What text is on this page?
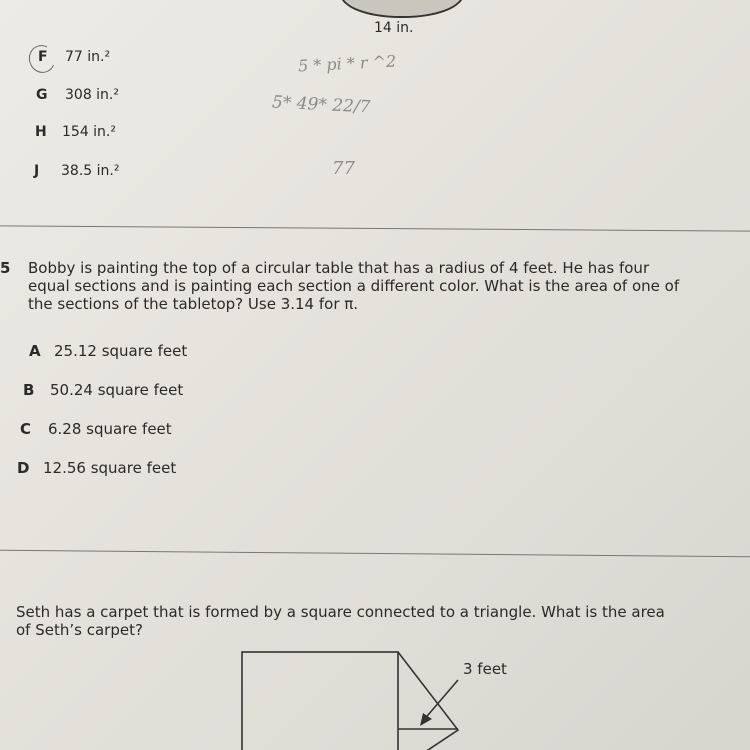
14 in.
F 77 in.²
G 308 in.²
H 154 in.²
J 38.5 in.²
5 * pi * r ^2
5* 49* 22/7
77
5 Bobby is painting the top of a circular table that has a radius of 4 feet. He has four
equal sections and is painting each section a different color. What is the area of one of
the sections of the tabletop? Use 3.14 for π.
A 25.12 square feet
B 50.24 square feet
C 6.28 square feet
D 12.56 square feet
Seth has a carpet that is formed by a square connected to a triangle. What is the area
of Seth’s carpet?
3 feet
